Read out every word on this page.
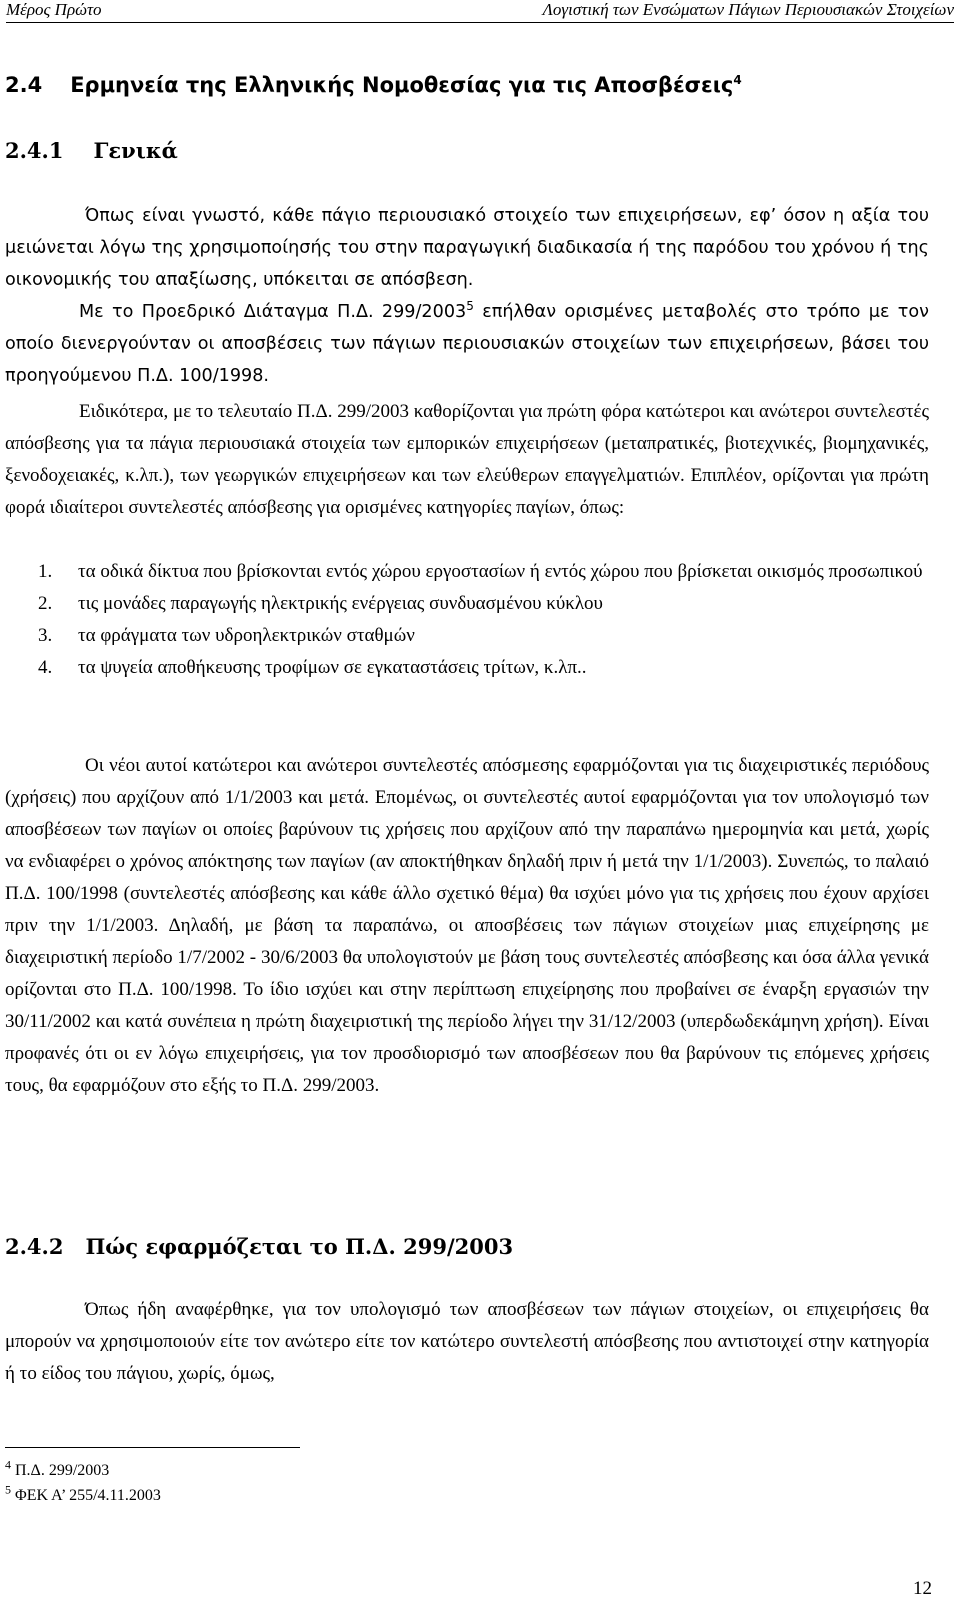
Μέρος Πρώτο	Λογιστική των Ενσώματων Πάγιων Περιουσιακών Στοιχείων
2.4 Ερμηνεία της Ελληνικής Νομοθεσίας για τις Αποσβέσεις$^4$
2.4.1 Γενικά

Όπως είναι γνωστό, κάθε πάγιο περιουσιακό στοιχείο των επιχειρήσεων, εφ’ όσον η αξία του μειώνεται λόγω της χρησιμοποίησής του στην παραγωγική διαδικασία ή της παρόδου του χρόνου ή της οικονομικής του απαξίωσης, υπόκειται σε απόσβεση.

Με το Προεδρικό Διάταγμα Π.Δ. 299/2003$^5$ επήλθαν ορισμένες μεταβολές στο τρόπο με τον οποίο διενεργούνταν οι αποσβέσεις των πάγιων περιουσιακών στοιχείων των επιχειρήσεων, βάσει του προηγούμενου Π.Δ. 100/1998.

Ειδικότερα, με το τελευταίο Π.Δ. 299/2003 καθορίζονται για πρώτη φόρα κατώτεροι και ανώτεροι συντελεστές απόσβεσης για τα πάγια περιουσιακά στοιχεία των εμπορικών επιχειρήσεων (μεταπρατικές, βιοτεχνικές, βιομηχανικές, ξενοδοχειακές, κ.λπ.), των γεωργικών επιχειρήσεων και των ελεύθερων επαγγελματιών. Επιπλέον, ορίζονται για πρώτη φορά ιδιαίτεροι συντελεστές απόσβεσης για ορισμένες κατηγορίες παγίων, όπως:

1. τα οδικά δίκτυα που βρίσκονται εντός χώρου εργοστασίων ή εντός χώρου που βρίσκεται οικισμός προσωπικού
2. τις μονάδες παραγωγής ηλεκτρικής ενέργειας συνδυασμένου κύκλου
3. τα φράγματα των υδροηλεκτρικών σταθμών
4. τα ψυγεία αποθήκευσης τροφίμων σε εγκαταστάσεις τρίτων, κ.λπ..

Οι νέοι αυτοί κατώτεροι και ανώτεροι συντελεστές απόσμεσης εφαρμόζονται για τις διαχειριστικές περιόδους (χρήσεις) που αρχίζουν από 1/1/2003 και μετά. Επομένως, οι συντελεστές αυτοί εφαρμόζονται για τον υπολογισμό των αποσβέσεων των παγίων οι οποίες βαρύνουν τις χρήσεις που αρχίζουν από την παραπάνω ημερομηνία και μετά, χωρίς να ενδιαφέρει ο χρόνος απόκτησης των παγίων (αν αποκτήθηκαν δηλαδή πριν ή μετά την 1/1/2003). Συνεπώς, το παλαιό Π.Δ. 100/1998 (συντελεστές απόσβεσης και κάθε άλλο σχετικό θέμα) θα ισχύει μόνο για τις χρήσεις που έχουν αρχίσει πριν την 1/1/2003. Δηλαδή, με βάση τα παραπάνω, οι αποσβέσεις των πάγιων στοιχείων μιας επιχείρησης με διαχειριστική περίοδο 1/7/2002 - 30/6/2003 θα υπολογιστούν με βάση τους συντελεστές απόσβεσης και όσα άλλα γενικά ορίζονται στο Π.Δ. 100/1998. Το ίδιο ισχύει και στην περίπτωση επιχείρησης που προβαίνει σε έναρξη εργασιών την 30/11/2002 και κατά συνέπεια η πρώτη διαχειριστική της περίοδο λήγει την 31/12/2003 (υπερδωδεκάμηνη χρήση). Είναι προφανές ότι οι εν λόγω επιχειρήσεις, για τον προσδιορισμό των αποσβέσεων που θα βαρύνουν τις επόμενες χρήσεις τους, θα εφαρμόζουν στο εξής το Π.Δ. 299/2003.

2.4.2 Πώς εφαρμόζεται το Π.Δ. 299/2003

Όπως ήδη αναφέρθηκε, για τον υπολογισμό των αποσβέσεων των πάγιων στοιχείων, οι επιχειρήσεις θα μπορούν να χρησιμοποιούν είτε τον ανώτερο είτε τον κατώτερο συντελεστή απόσβεσης που αντιστοιχεί στην κατηγορία ή το είδος του πάγιου, χωρίς, όμως,

$^4$ Π.Δ. 299/2003
$^5$ ΦΕΚ Α’ 255/4.11.2003
12
